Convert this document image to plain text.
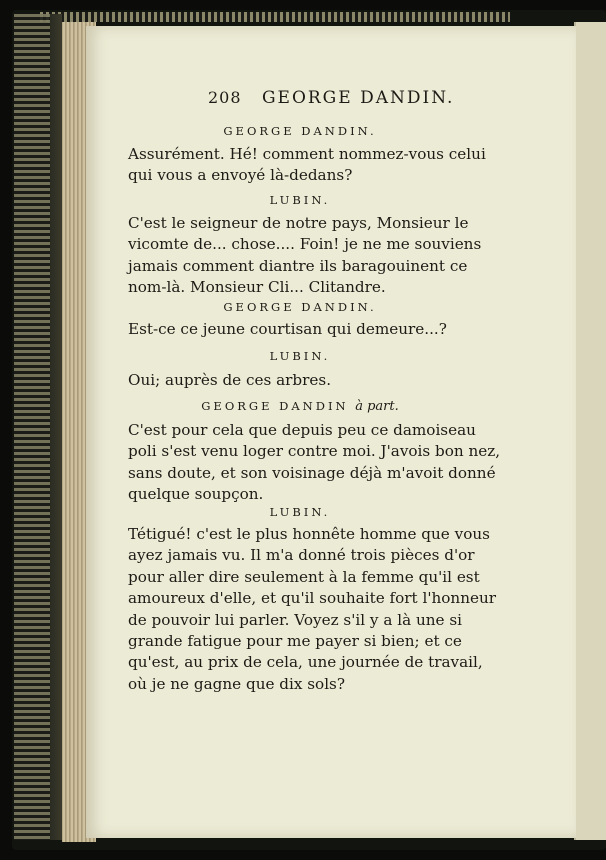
208 GEORGE DANDIN.
GEORGE DANDIN.
Assurément. Hé! comment nommez-vous celui
qui vous a envoyé là-dedans?
LUBIN.
C'est le seigneur de notre pays, Monsieur le
vicomte de... chose.... Foin! je ne me souviens
jamais comment diantre ils baragouinent ce
nom-là. Monsieur Cli... Clitandre.
GEORGE DANDIN.
Est-ce ce jeune courtisan qui demeure...?
LUBIN.
Oui; auprès de ces arbres.
GEORGE DANDIN à part.
C'est pour cela que depuis peu ce damoiseau
poli s'est venu loger contre moi. J'avois bon nez,
sans doute, et son voisinage déjà m'avoit donné
quelque soupçon.
LUBIN.
Tétigué! c'est le plus honnête homme que vous
ayez jamais vu. Il m'a donné trois pièces d'or
pour aller dire seulement à la femme qu'il est
amoureux d'elle, et qu'il souhaite fort l'honneur
de pouvoir lui parler. Voyez s'il y a là une si
grande fatigue pour me payer si bien; et ce
qu'est, au prix de cela, une journée de travail,
où je ne gagne que dix sols?
